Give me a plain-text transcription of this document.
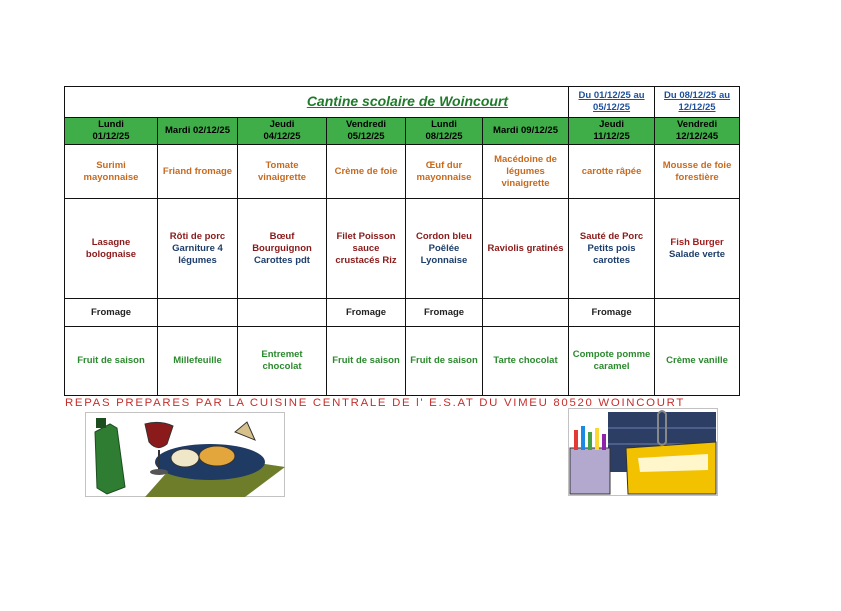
Cantine scolaire de Woincourt						Du 01/12/25 au
05/12/25	Du 08/12/25 au
12/12/25

Lundi
01/12/25	Mardi 02/12/25	Jeudi
04/12/25	Vendredi
05/12/25	Lundi
08/12/25	Mardi 09/12/25	Jeudi
11/12/25	Vendredi
12/12/245

Surimi
mayonnaise	Friand fromage	Tomate
vinaigrette	Crème de foie	Œuf dur
mayonnaise	Macédoine de
légumes
vinaigrette	carotte râpée	Mousse de foie
forestière

Lasagne
bolognaise	Rôti de porc
Garniture 4
légumes	Bœuf
Bourguignon
Carottes pdt	Filet Poisson
sauce
crustacés Riz	Cordon bleu
Poêlée
Lyonnaise	Raviolis gratinés	Sauté de Porc
Petits pois
carottes	Fish Burger
Salade verte

Fromage			Fromage	Fromage		Fromage	

Fruit de saison	Millefeuille	Entremet
chocolat	Fruit de saison	Fruit de saison	Tarte chocolat	Compote pomme
caramel	Crème vanille
REPAS PREPARES PAR LA CUISINE CENTRALE DE l' E.S.AT DU VIMEU 80520 WOINCOURT
